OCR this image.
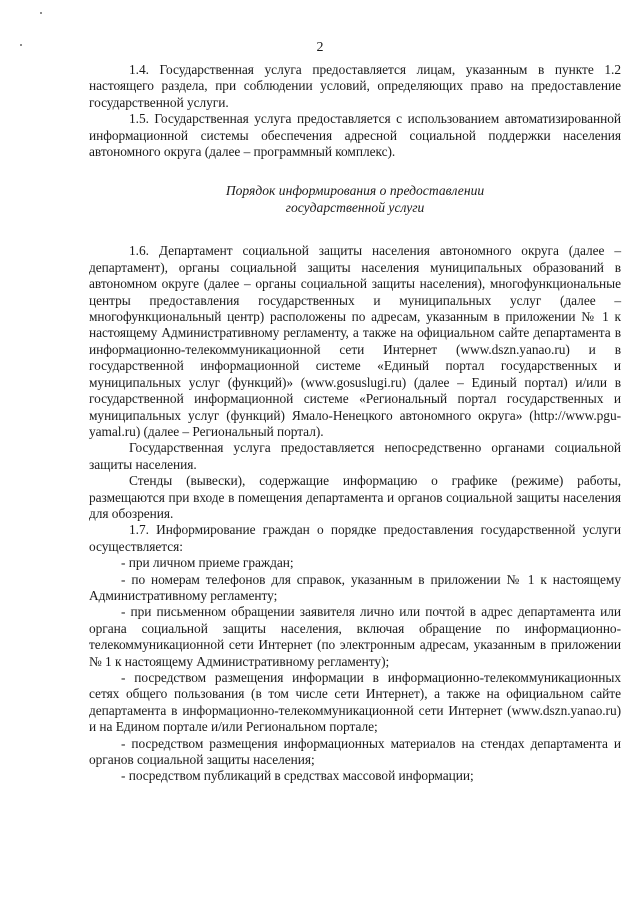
2

1.4. Государственная услуга предоставляется лицам, указанным в пункте 1.2 настоящего раздела, при соблюдении условий, определяющих право на предоставление государственной услуги.

1.5. Государственная услуга предоставляется с использованием автоматизированной информационной системы обеспечения адресной социальной поддержки населения автономного округа (далее – программный комплекс).

Порядок информирования о предоставлении
государственной услуги

1.6. Департамент социальной защиты населения автономного округа (далее – департамент), органы социальной защиты населения муниципальных образований в автономном округе (далее – органы социальной защиты населения), многофункциональные центры предоставления государственных и муниципальных услуг (далее – многофункциональный центр) расположены по адресам, указанным в приложении № 1 к настоящему Административному регламенту, а также на официальном сайте департамента в информационно-телекоммуникационной сети Интернет (www.dszn.yanao.ru) и в государственной информационной системе «Единый портал государственных и муниципальных услуг (функций)» (www.gosuslugi.ru) (далее – Единый портал) и/или в государственной информационной системе «Региональный портал государственных и муниципальных услуг (функций) Ямало-Ненецкого автономного округа» (http://www.pgu-yamal.ru) (далее – Региональный портал).

Государственная услуга предоставляется непосредственно органами социальной защиты населения.

Стенды (вывески), содержащие информацию о графике (режиме) работы, размещаются при входе в помещения департамента и органов социальной защиты населения для обозрения.

1.7. Информирование граждан о порядке предоставления государственной услуги осуществляется:

- при личном приеме граждан;

- по номерам телефонов для справок, указанным в приложении № 1 к настоящему Административному регламенту;

- при письменном обращении заявителя лично или почтой в адрес департамента или органа социальной защиты населения, включая обращение по информационно-телекоммуникационной сети Интернет (по электронным адресам, указанным в приложении № 1 к настоящему Административному регламенту);

- посредством размещения информации в информационно-телекоммуникационных сетях общего пользования (в том числе сети Интернет), а также на официальном сайте департамента в информационно-телекоммуникационной сети Интернет (www.dszn.yanao.ru) и на Едином портале и/или Региональном портале;

- посредством размещения информационных материалов на стендах департамента и органов социальной защиты населения;

- посредством публикаций в средствах массовой информации;
